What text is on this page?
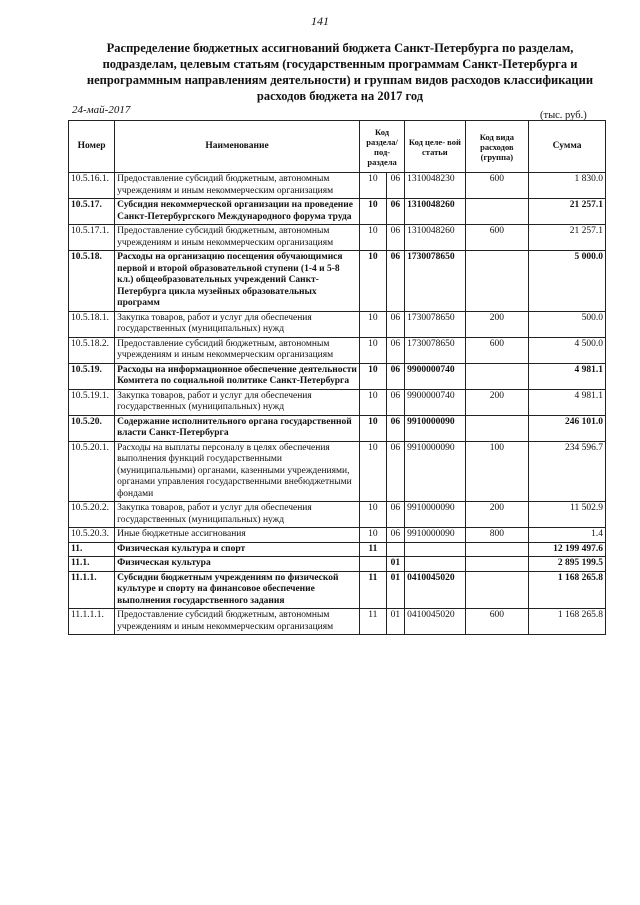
141
Распределение бюджетных ассигнований бюджета Санкт-Петербурга по разделам, подразделам, целевым статьям (государственным программам Санкт-Петербурга и непрограммным направлениям деятельности) и группам видов расходов классификации расходов бюджета на 2017 год
24-май-2017	(тыс. руб.)
Номер	Наименование	Код раздела/ под- раздела		Код целе- вой статьи	Код вида расходов (группа)	Сумма
10.5.16.1.	Предоставление субсидий бюджетным, автономным учреждениям и иным некоммерческим организациям	10	06	1310048230	600	1 830.0
10.5.17.	Субсидия некоммерческой организации на проведение Санкт-Петербургского Международного форума труда	10	06	1310048260		21 257.1
10.5.17.1.	Предоставление субсидий бюджетным, автономным учреждениям и иным некоммерческим организациям	10	06	1310048260	600	21 257.1
10.5.18.	Расходы на организацию посещения обучающимися первой и второй образовательной ступени (1-4 и 5-8 кл.) общеобразовательных учреждений Санкт-Петербурга цикла музейных образовательных программ	10	06	1730078650		5 000.0
10.5.18.1.	Закупка товаров, работ и услуг для обеспечения государственных (муниципальных) нужд	10	06	1730078650	200	500.0
10.5.18.2.	Предоставление субсидий бюджетным, автономным учреждениям и иным некоммерческим организациям	10	06	1730078650	600	4 500.0
10.5.19.	Расходы на информационное обеспечение деятельности Комитета по социальной политике Санкт-Петербурга	10	06	9900000740		4 981.1
10.5.19.1.	Закупка товаров, работ и услуг для обеспечения государственных (муниципальных) нужд	10	06	9900000740	200	4 981.1
10.5.20.	Содержание исполнительного органа государственной власти Санкт-Петербурга	10	06	9910000090		246 101.0
10.5.20.1.	Расходы на выплаты персоналу в целях обеспечения выполнения функций государственными (муниципальными) органами, казенными учреждениями, органами управления государственными внебюджетными фондами	10	06	9910000090	100	234 596.7
10.5.20.2.	Закупка товаров, работ и услуг для обеспечения государственных (муниципальных) нужд	10	06	9910000090	200	11 502.9
10.5.20.3.	Иные бюджетные ассигнования	10	06	9910000090	800	1.4
11.	Физическая культура и спорт	11				12 199 497.6
11.1.	Физическая культура		01			2 895 199.5
11.1.1.	Субсидии бюджетным учреждениям по физической культуре и спорту на финансовое обеспечение выполнения государственного задания	11	01	0410045020		1 168 265.8
11.1.1.1.	Предоставление субсидий бюджетным, автономным учреждениям и иным некоммерческим организациям	11	01	0410045020	600	1 168 265.8
